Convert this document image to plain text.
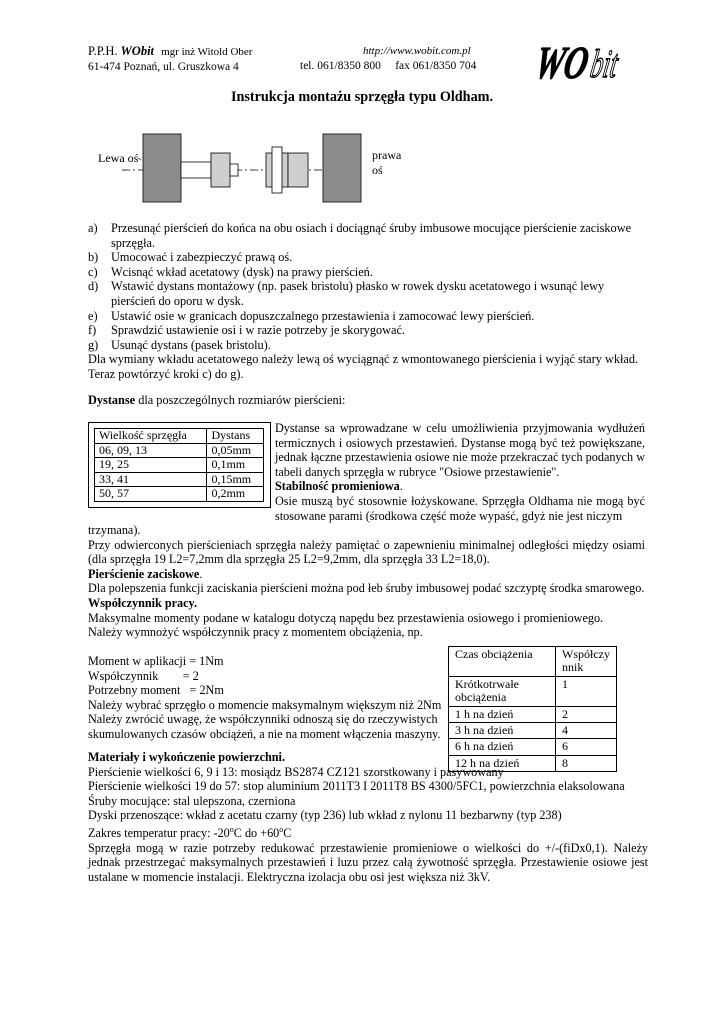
P.P.H. WObit mgr inż Witold Ober
61-474 Poznań, ul. Gruszkowa 4
http://www.wobit.com.pl
tel. 061/8350 800 fax 061/8350 704 WO
bit
Instrukcja montażu sprzęgła typu Oldham.
Lewa oś	prawa
oś
a) Przesunąć pierścień do końca na obu osiach i dociągnąć śruby imbusowe mocujące pierścienie zaciskowe sprzęgła.
b) Umocować i zabezpieczyć prawą oś.
c) Wcisnąć wkład acetatowy (dysk) na prawy pierścień.
d) Wstawić dystans montażowy (np. pasek bristolu) płasko w rowek dysku acetatowego i wsunąć lewy pierścień do oporu w dysk.
e) Ustawić osie w granicach dopuszczalnego przestawienia i zamocować lewy pierścień.
f) Sprawdzić ustawienie osi i w razie potrzeby je skorygować.
g) Usunąć dystans (pasek bristolu).
Dla wymiany wkładu acetatowego należy lewą oś wyciągnąć z wmontowanego pierścienia i wyjąć stary wkład.
Teraz powtórzyć kroki c) do g).
Dystanse dla poszczególnych rozmiarów pierścieni:
Wielkość sprzęgła	Dystans
06, 09, 13	0,05mm
19, 25	0,1mm
33, 41	0,15mm
50, 57	0,2mm
Dystanse sa wprowadzane w celu umożliwienia przyjmowania wydłużeń termicznych i osiowych przestawień. Dystanse mogą być też powiększane, jednak łączne przestawienia osiowe nie może przekraczać tych podanych w tabeli danych sprzęgła w rubryce "Osiowe przestawienie".
Stabilność promieniowa.
Osie muszą być stosownie łożyskowane. Sprzęgła Oldhama nie mogą być stosowane parami (środkowa część może wypaść, gdyż nie jest niczym
trzymana).
Przy odwierconych pierścieniach sprzęgła należy pamiętać o zapewnieniu minimalnej odległości między osiami (dla sprzęgła 19 L2=7,2mm dla sprzęgła 25 L2=9,2mm, dla sprzęgła 33 L2=18,0).
Pierścienie zaciskowe.
Dla polepszenia funkcji zaciskania pierścieni można pod łeb śruby imbusowej podać szczyptę środka smarowego.
Współczynnik pracy.
Maksymalne momenty podane w katalogu dotyczą napędu bez przestawienia osiowego i promieniowego.
Należy wymnożyć współczynnik pracy z momentem obciążenia, np.
Moment w aplikacji = 1Nm
Współczynnik        = 2
Potrzebny moment   = 2Nm
Należy wybrać sprzęgło o momencie maksymalnym większym niż 2Nm
Należy zwrócić uwagę, że współczynniki odnoszą się do rzeczywistych skumulowanych czasów obciążeń, a nie na moment włączenia maszyny.
Czas obciążenia	Współczy
nnik
Krótkotrwałe
obciążenia	1
1 h na dzień	2
3 h na dzień	4
6 h na dzień	6
12 h na dzień	8
Materiały i wykończenie powierzchni.
Pierścienie wielkości 6, 9 i 13: mosiądz BS2874 CZ121 szorstkowany i pasywowany
Pierścienie wielkości 19 do 57: stop aluminium 2011T3 I 2011T8 BS 4300/5FC1, powierzchnia elaksolowana
Śruby mocujące: stal ulepszona, czerniona
Dyski przenoszące: wkład z acetatu czarny (typ 236) lub wkład z nylonu 11 bezbarwny (typ 238)
Zakres temperatur pracy: -20$^o$C do $+60^oC$
Sprzęgła mogą w razie potrzeby redukować przestawienie promieniowe o wielkości do +/-(fiDx0,1). Należy jednak przestrzegać maksymalnych przestawień i luzu przez całą żywotność sprzęgła. Przestawienie osiowe jest ustalane w momencie instalacji. Elektryczna izolacja obu osi jest większa niż 3kV.
